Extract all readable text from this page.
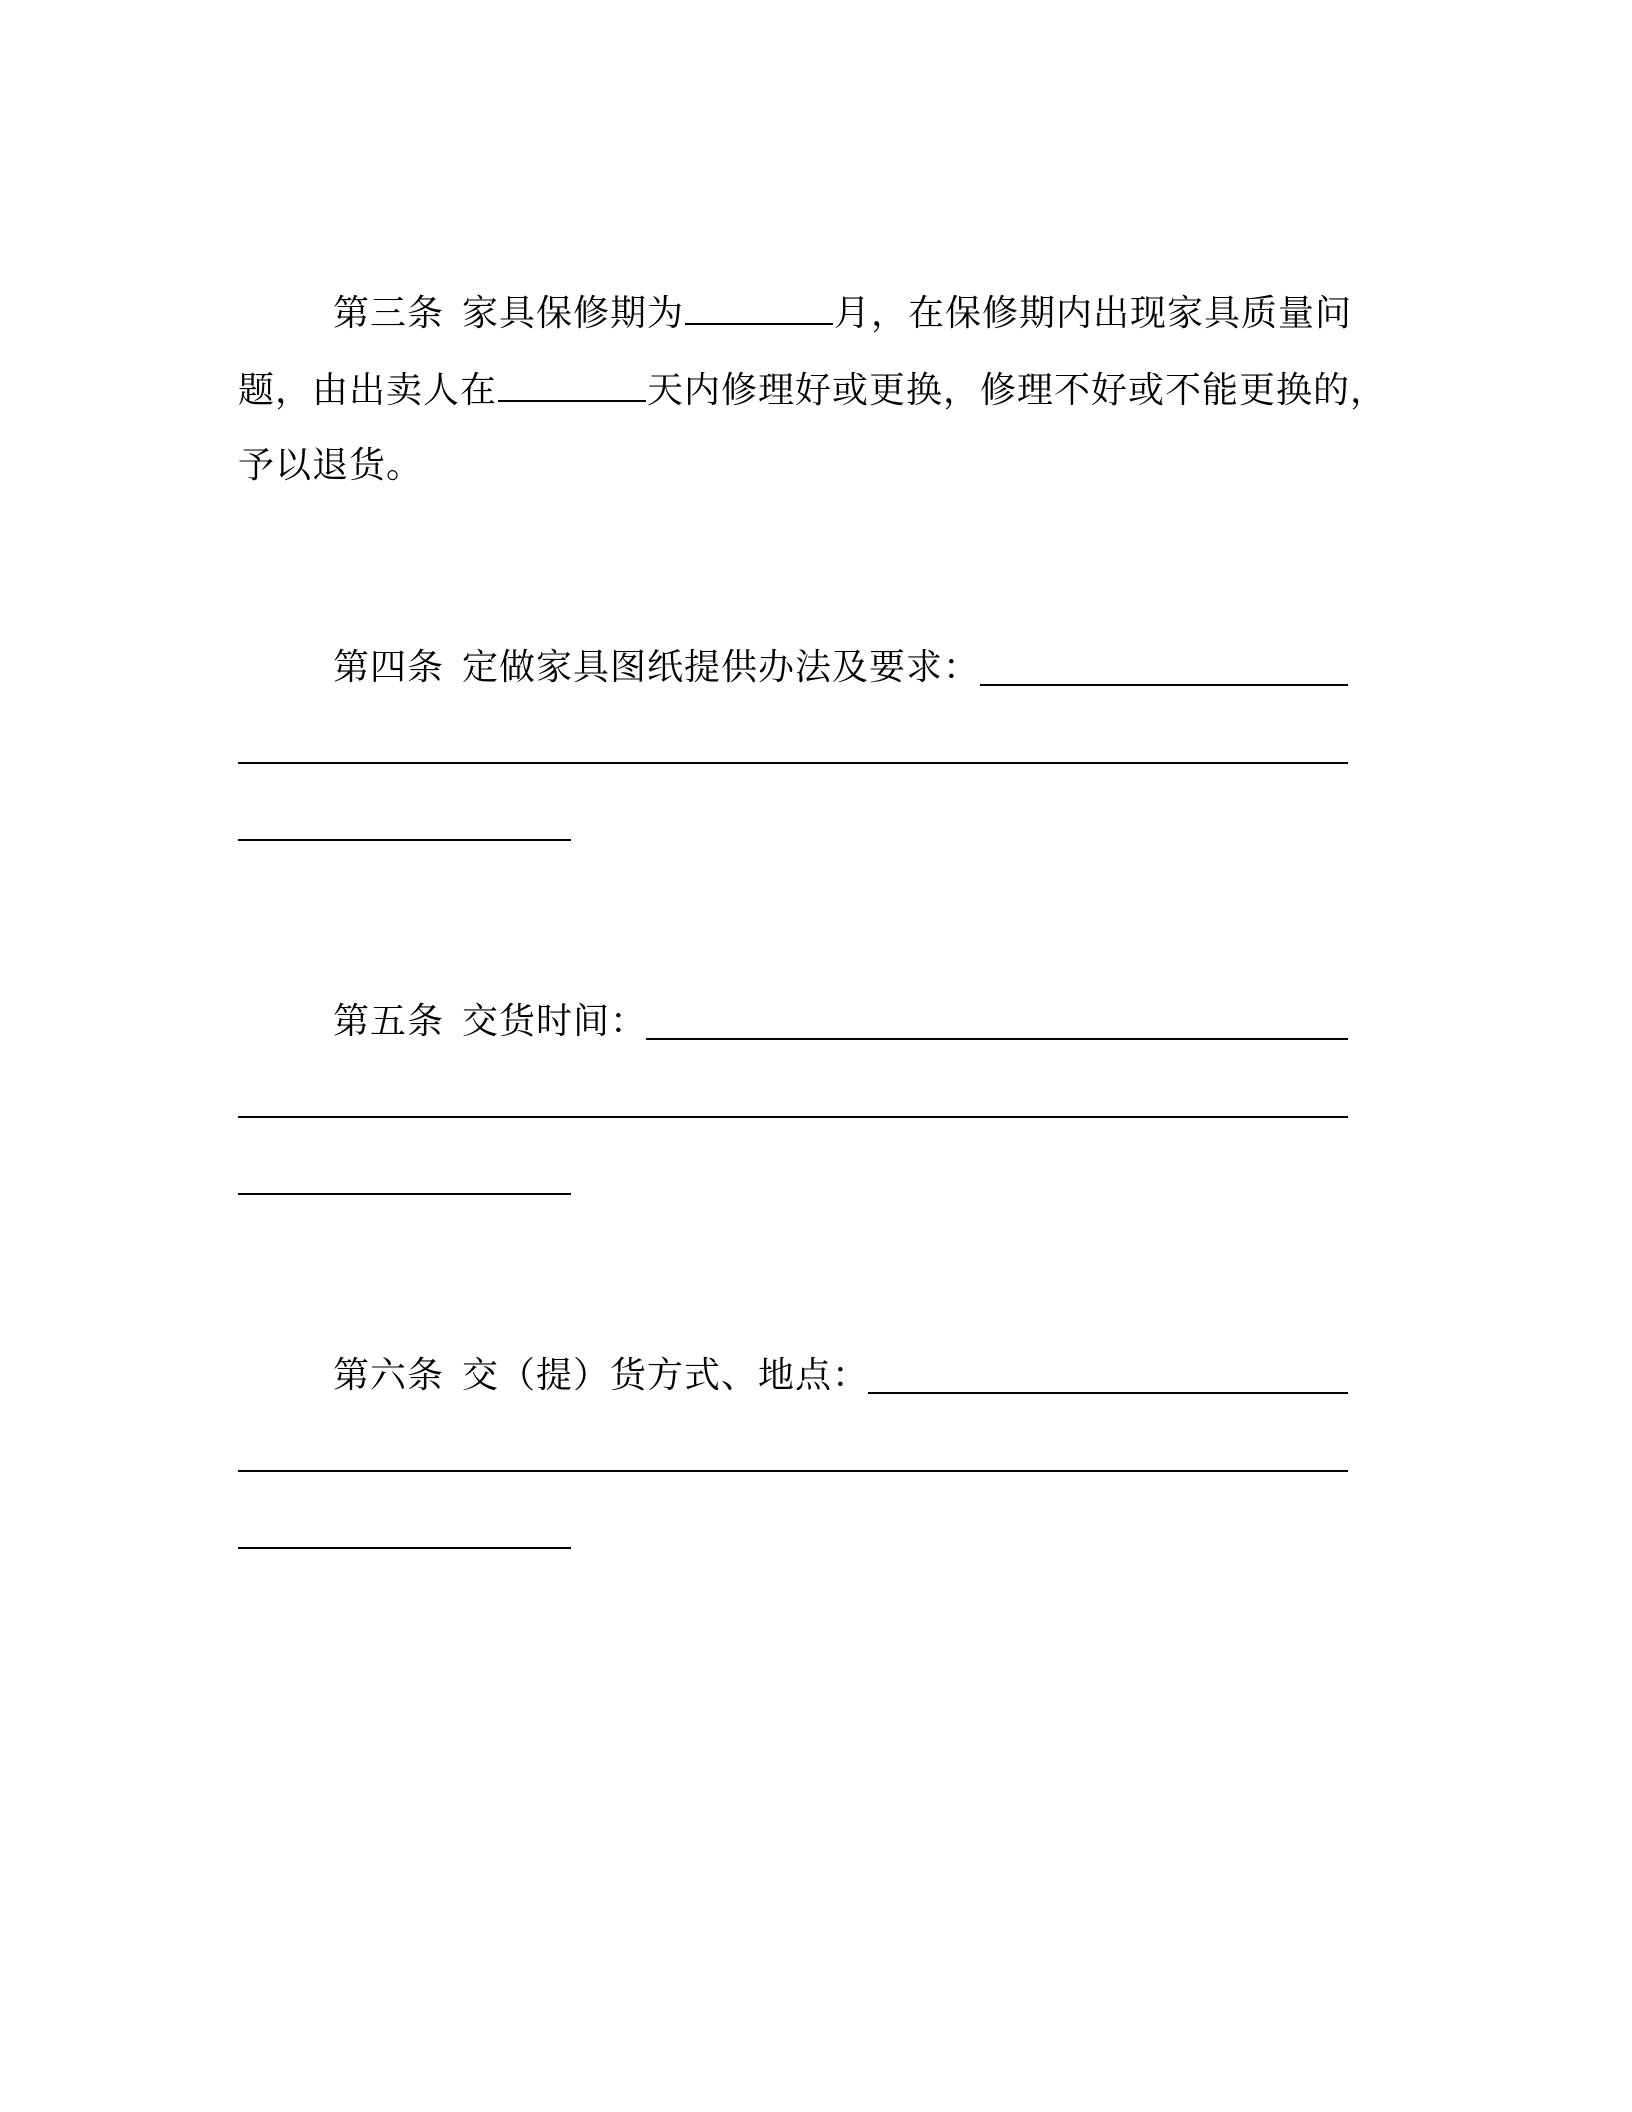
第三条 家具保修期为	月，在保修期内出现家具质量问
题，由出卖人在	天内修理好或更换，修理不好或不能更换的，
予以退货。
第四条 定做家具图纸提供办法及要求：
第五条 交货时间：
第六条 交（提）货方式、地点：
